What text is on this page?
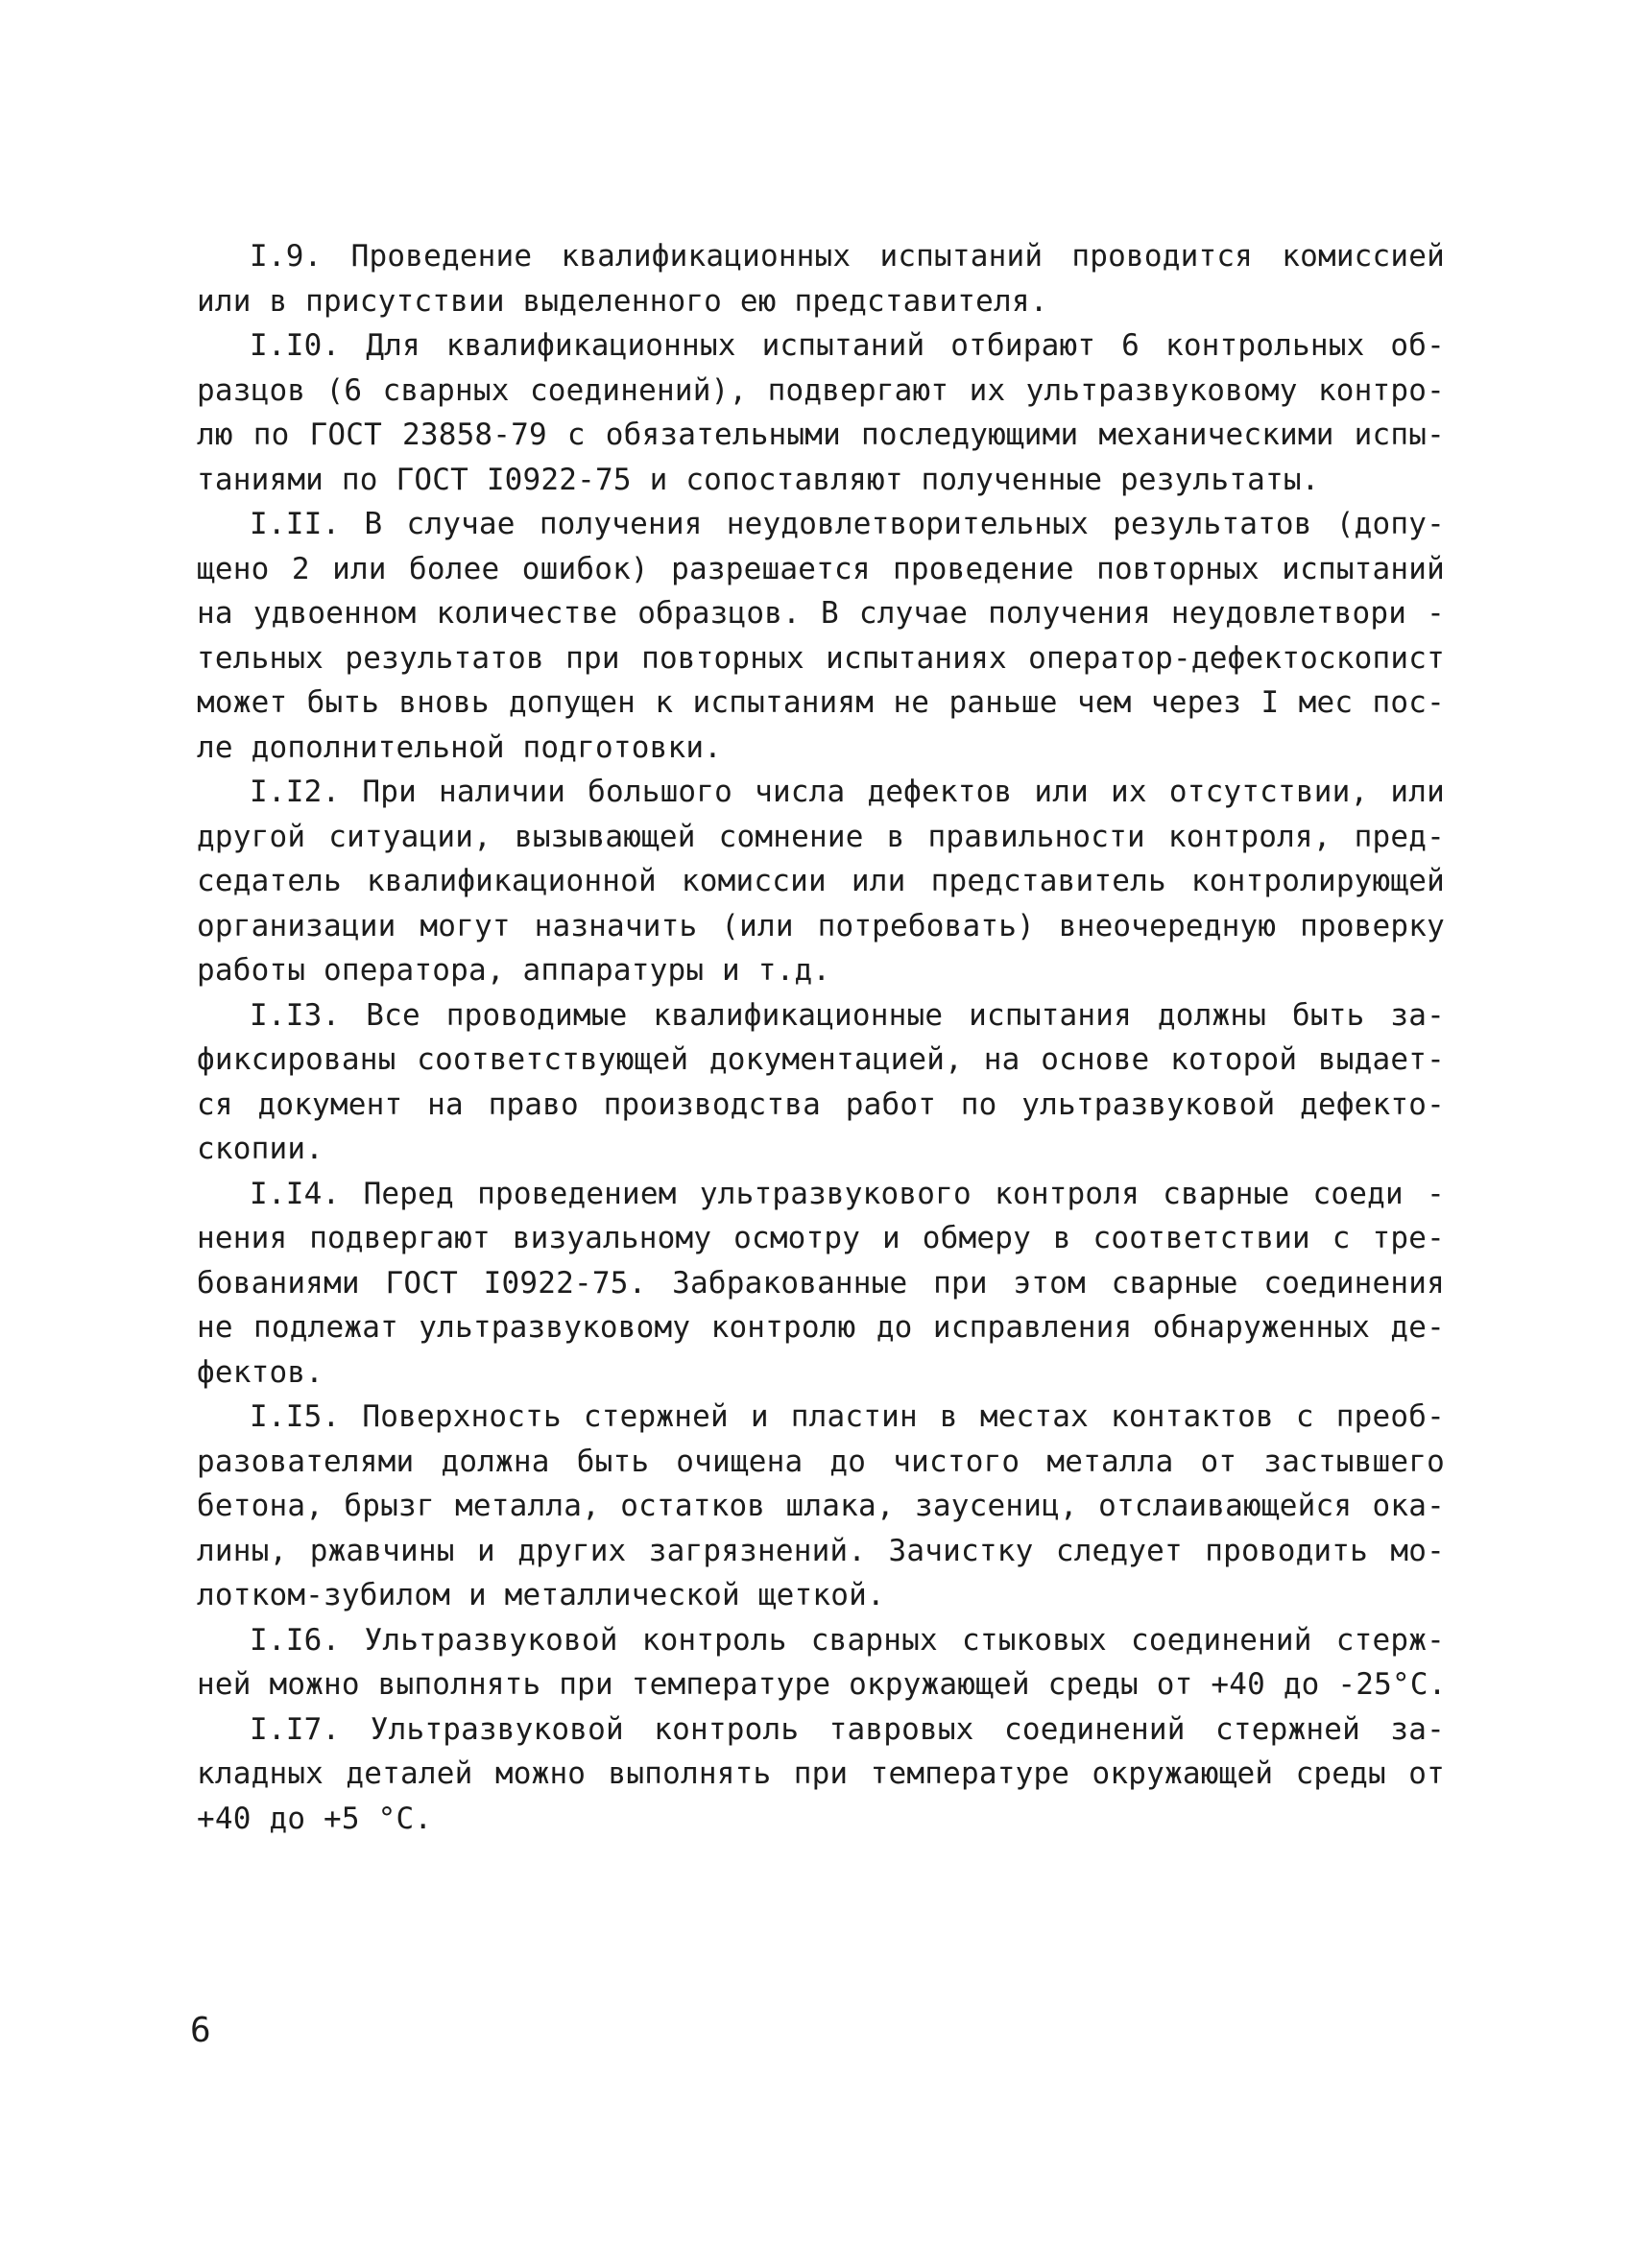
I.9. Проведение квалификационных испытаний проводится комиссией
или в присутствии выделенного ею представителя.
I.I0. Для квалификационных испытаний отбирают 6 контрольных об-
разцов (6 сварных соединений), подвергают их ультразвуковому контро-
лю по ГОСТ 23858-79 с обязательными последующими механическими испы-
таниями по ГОСТ I0922-75 и сопоставляют полученные результаты.
I.II. В случае получения неудовлетворительных результатов (допу-
щено 2 или более ошибок) разрешается проведение повторных испытаний
на удвоенном количестве образцов. В случае получения неудовлетвори -
тельных результатов при повторных испытаниях оператор-дефектоскопист
может быть вновь допущен к испытаниям не раньше чем через I мес пос-
ле дополнительной подготовки.
I.I2. При наличии большого числа дефектов или их отсутствии, или
другой ситуации, вызывающей сомнение в правильности контроля, пред-
седатель квалификационной комиссии или представитель контролирующей
организации могут назначить (или потребовать) внеочередную проверку
работы оператора, аппаратуры и т.д.
I.I3. Все проводимые квалификационные испытания должны быть за-
фиксированы соответствующей документацией, на основе которой выдает-
ся документ на право производства работ по ультразвуковой дефекто-
скопии.
I.I4. Перед проведением ультразвукового контроля сварные соеди -
нения подвергают визуальному осмотру и обмеру в соответствии с тре-
бованиями ГОСТ I0922-75. Забракованные при этом сварные соединения
не подлежат ультразвуковому контролю до исправления обнаруженных де-
фектов.
I.I5. Поверхность стержней и пластин в местах контактов с преоб-
разователями должна быть очищена до чистого металла от застывшего
бетона, брызг металла, остатков шлака, заусениц, отслаивающейся ока-
лины, ржавчины и других загрязнений. Зачистку следует проводить мо-
лотком-зубилом и металлической щеткой.
I.I6. Ультразвуковой контроль сварных стыковых соединений стерж-
ней можно выполнять при температуре окружающей среды от +40 до -25°С.
I.I7. Ультразвуковой контроль тавровых соединений стержней за-
кладных деталей можно выполнять при температуре окружающей среды от
+40 до +5 °С.
6
